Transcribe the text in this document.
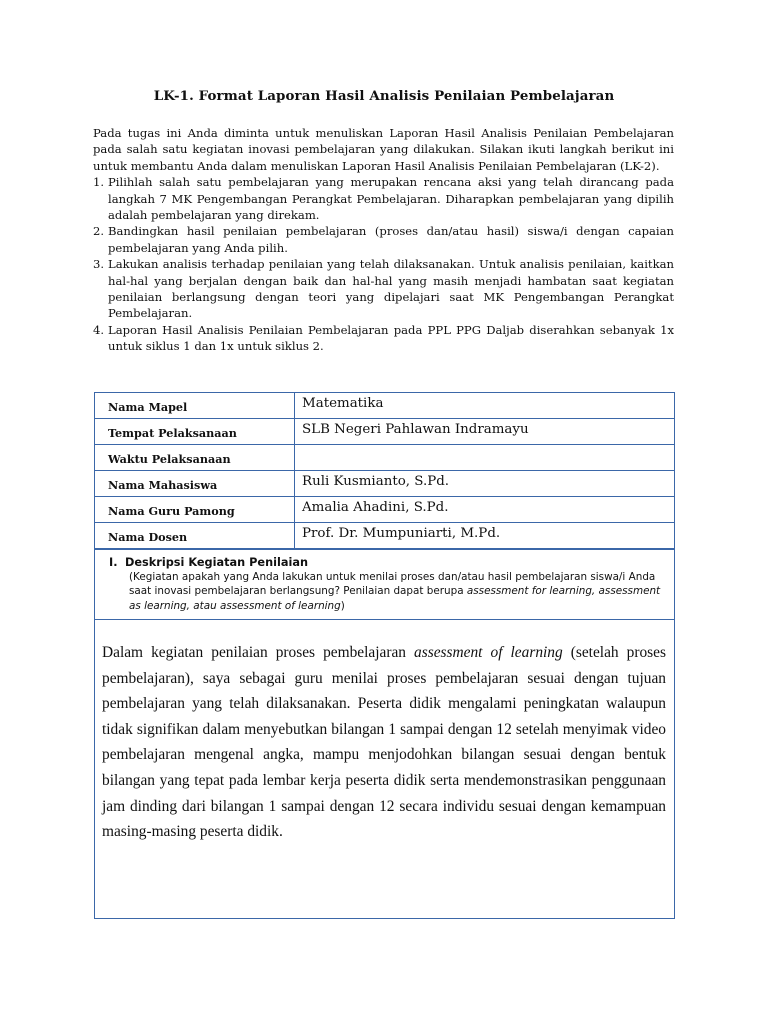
LK-1. Format Laporan Hasil Analisis Penilaian Pembelajaran

Pada tugas ini Anda diminta untuk menuliskan Laporan Hasil Analisis Penilaian Pembelajaran pada salah satu kegiatan inovasi pembelajaran yang dilakukan. Silakan ikuti langkah berikut ini untuk membantu Anda dalam menuliskan Laporan Hasil Analisis Penilaian Pembelajaran (LK-2).

1. Pilihlah salah satu pembelajaran yang merupakan rencana aksi yang telah dirancang pada langkah 7 MK Pengembangan Perangkat Pembelajaran. Diharapkan pembelajaran yang dipilih adalah pembelajaran yang direkam.
2. Bandingkan hasil penilaian pembelajaran (proses dan/atau hasil) siswa/i dengan capaian pembelajaran yang Anda pilih.
3. Lakukan analisis terhadap penilaian yang telah dilaksanakan. Untuk analisis penilaian, kaitkan hal-hal yang berjalan dengan baik dan hal-hal yang masih menjadi hambatan saat kegiatan penilaian berlangsung dengan teori yang dipelajari saat MK Pengembangan Perangkat Pembelajaran.
4. Laporan Hasil Analisis Penilaian Pembelajaran pada PPL PPG Daljab diserahkan sebanyak 1x untuk siklus 1 dan 1x untuk siklus 2.
Nama Mapel	Matematika
Tempat Pelaksanaan	SLB Negeri Pahlawan Indramayu
Waktu Pelaksanaan	
Nama Mahasiswa	Ruli Kusmianto, S.Pd.
Nama Guru Pamong	Amalia Ahadini, S.Pd.
Nama Dosen	Prof. Dr. Mumpuniarti, M.Pd.
I. Deskripsi Kegiatan Penilaian
(Kegiatan apakah yang Anda lakukan untuk menilai proses dan/atau hasil pembelajaran siswa/i Anda saat inovasi pembelajaran berlangsung? Penilaian dapat berupa assessment for learning, assessment as learning, atau assessment of learning)
Dalam kegiatan penilaian proses pembelajaran assessment of learning (setelah proses pembelajaran), saya sebagai guru menilai proses pembelajaran sesuai dengan tujuan pembelajaran yang telah dilaksanakan. Peserta didik mengalami peningkatan walaupun tidak signifikan dalam menyebutkan bilangan 1 sampai dengan 12 setelah menyimak video pembelajaran mengenal angka, mampu menjodohkan bilangan sesuai dengan bentuk bilangan yang tepat pada lembar kerja peserta didik serta mendemonstrasikan penggunaan jam dinding dari bilangan 1 sampai dengan 12 secara individu sesuai dengan kemampuan masing-masing peserta didik.
